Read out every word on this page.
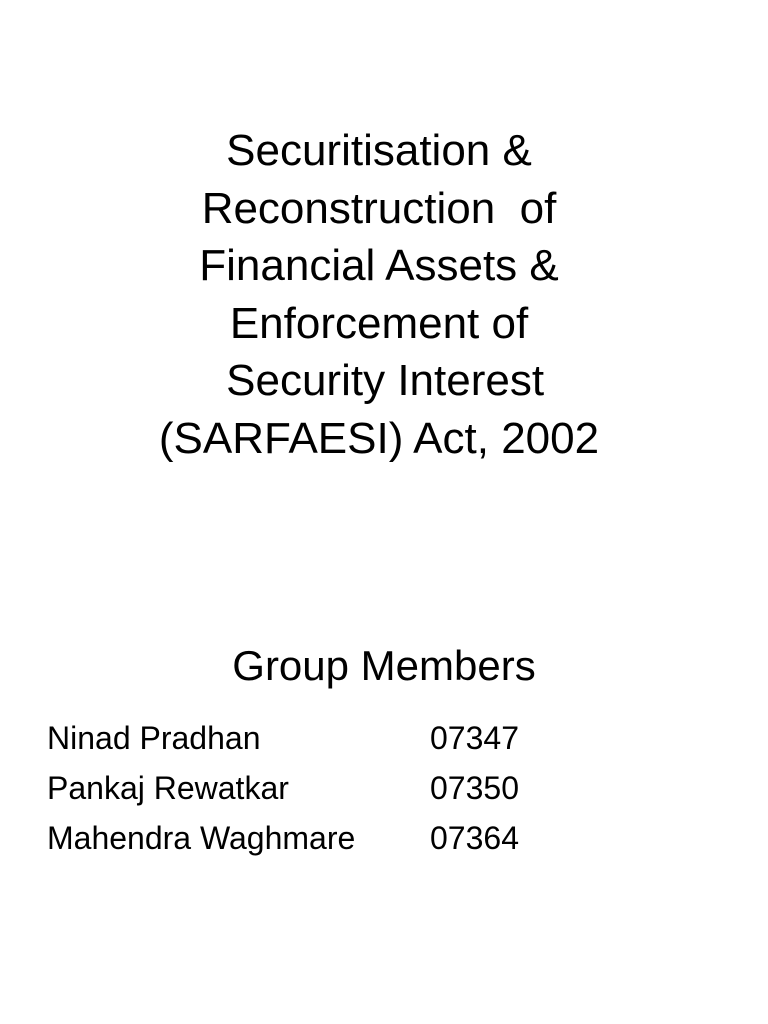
Securitisation &
Reconstruction  of
Financial Assets &
Enforcement of
Security Interest
(SARFAESI) Act, 2002
Group Members
Ninad Pradhan	07347
Pankaj Rewatkar	07350
Mahendra Waghmare	07364
